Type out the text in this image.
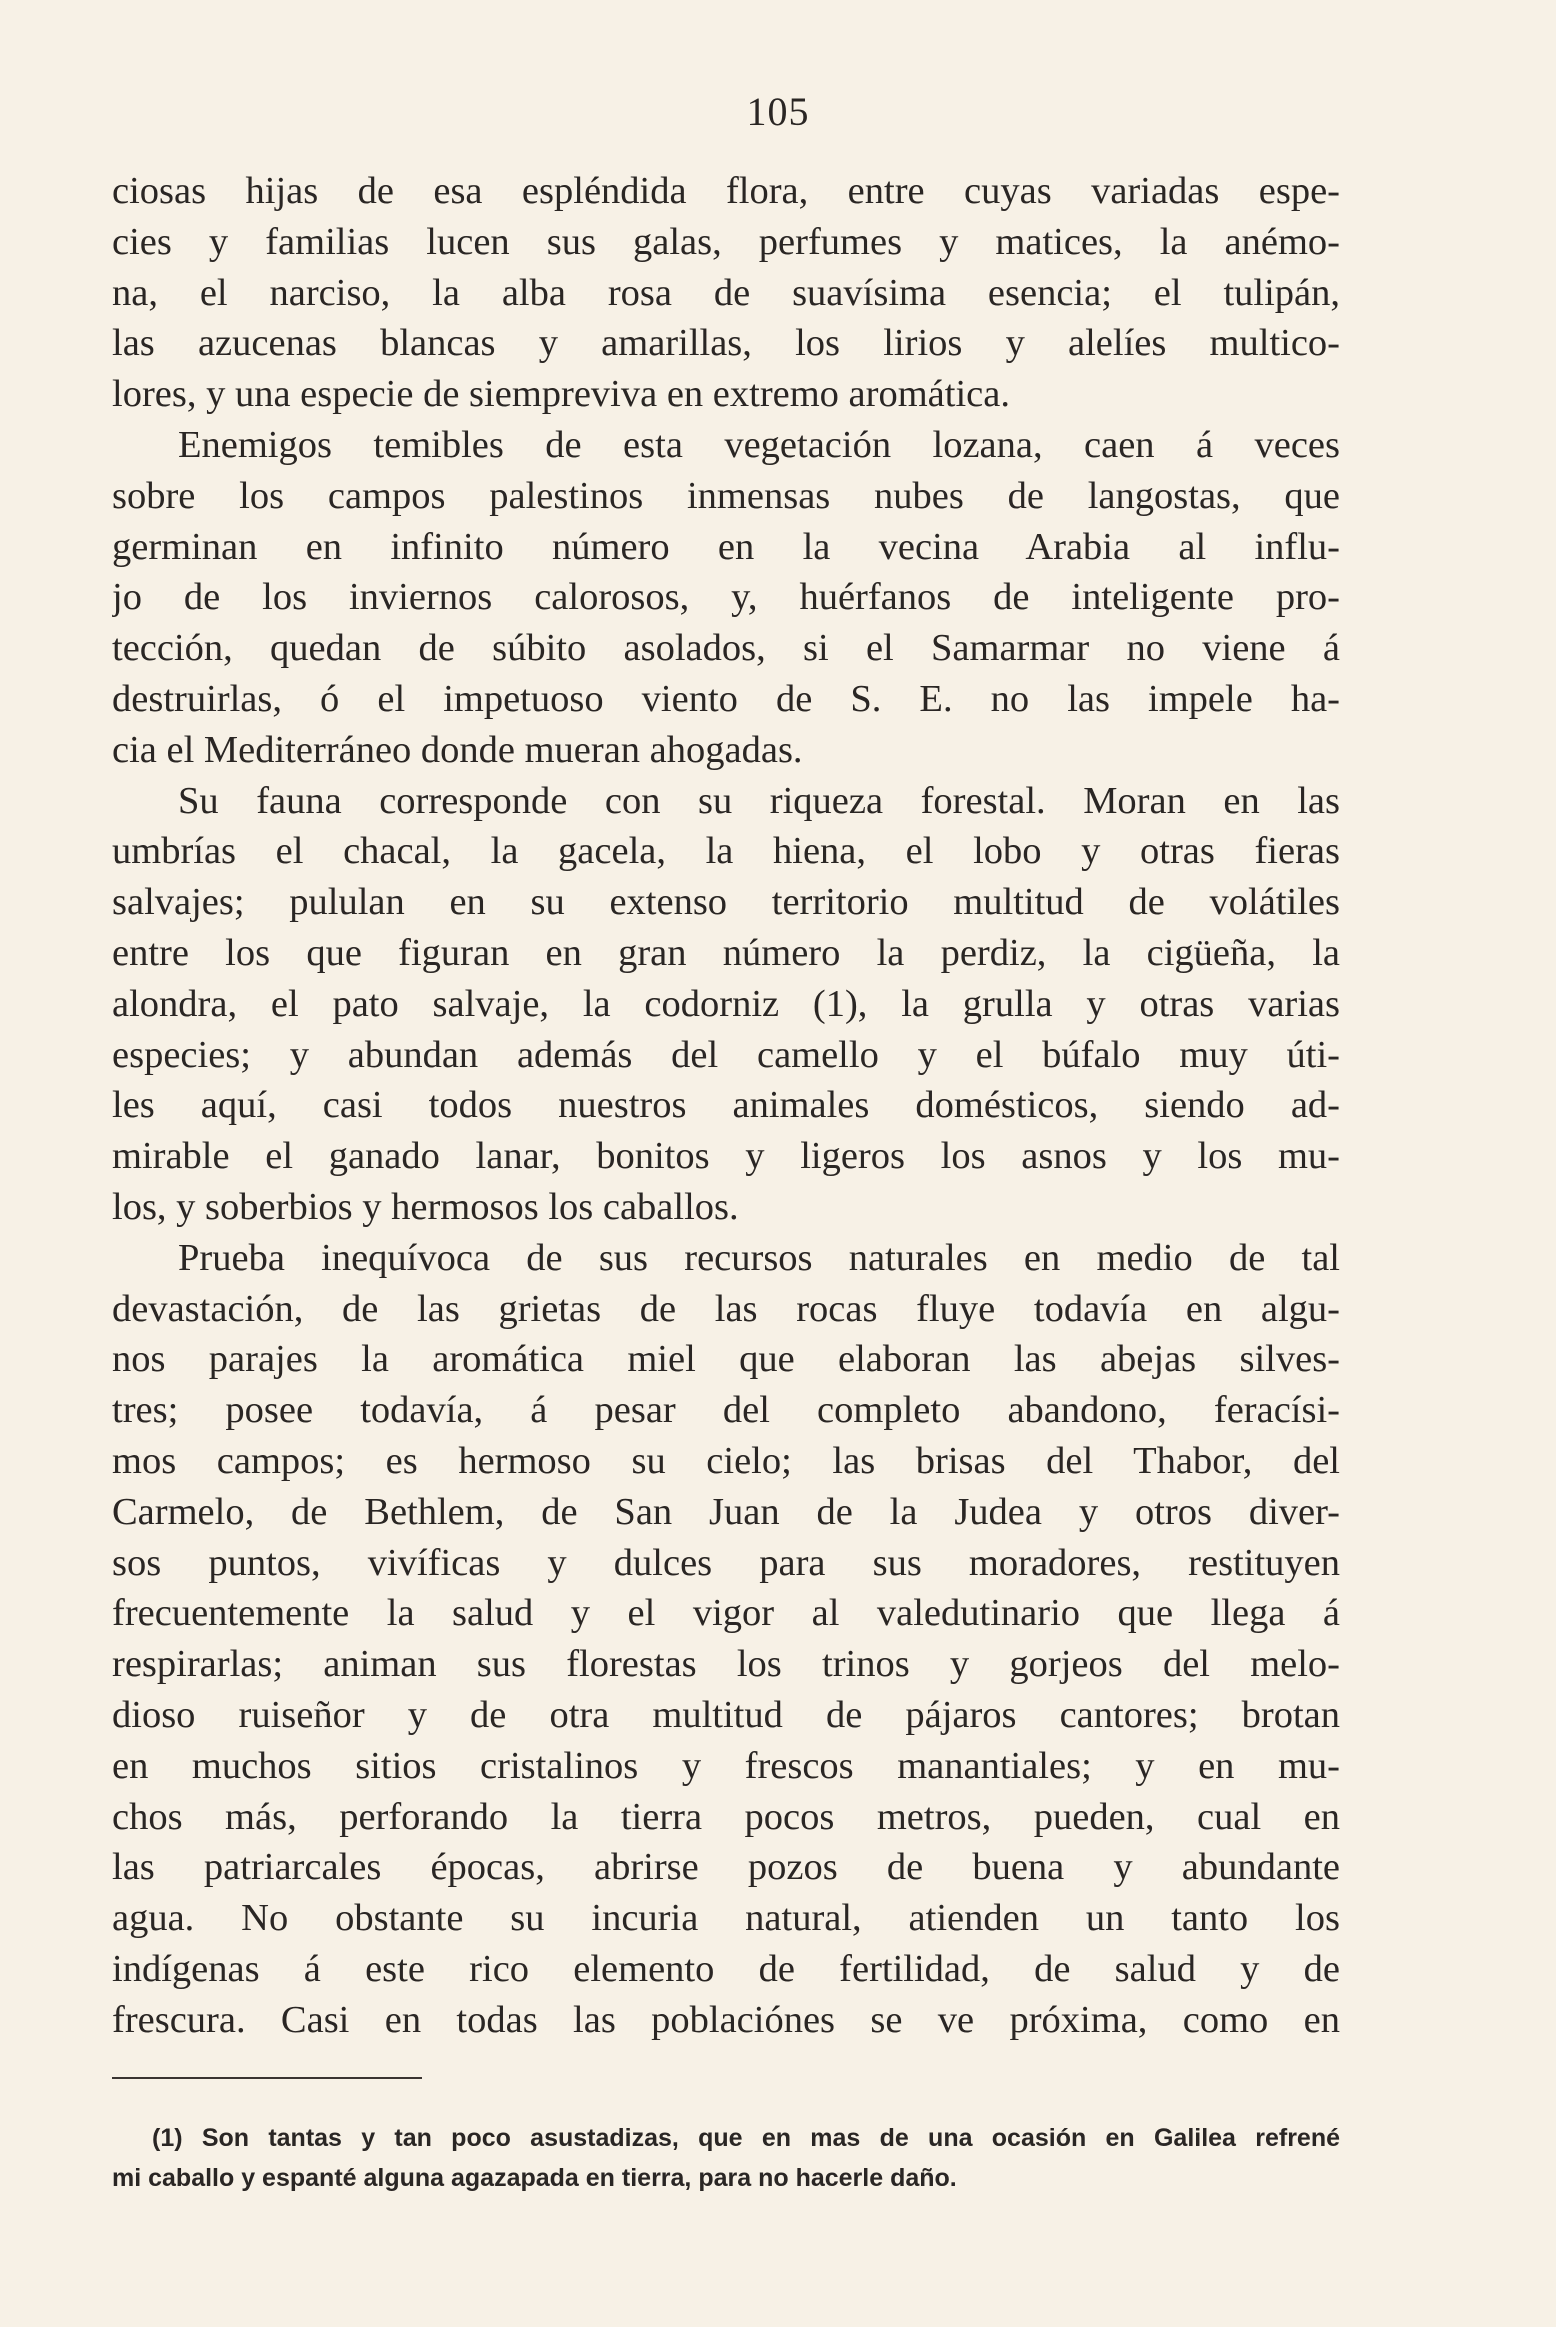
105
ciosas hijas de esa espléndida flora, entre cuyas variadas espe-
cies y familias lucen sus galas, perfumes y matices, la anémo-
na, el narciso, la alba rosa de suavísima esencia; el tulipán,
las azucenas blancas y amarillas, los lirios y alelíes multico-
lores, y una especie de siempreviva en extremo aromática.
Enemigos temibles de esta vegetación lozana, caen á veces
sobre los campos palestinos inmensas nubes de langostas, que
germinan en infinito número en la vecina Arabia al influ-
jo de los inviernos calorosos, y, huérfanos de inteligente pro-
tección, quedan de súbito asolados, si el Samarmar no viene á
destruirlas, ó el impetuoso viento de S. E. no las impele ha-
cia el Mediterráneo donde mueran ahogadas.
Su fauna corresponde con su riqueza forestal. Moran en las
umbrías el chacal, la gacela, la hiena, el lobo y otras fieras
salvajes; pululan en su extenso territorio multitud de volátiles
entre los que figuran en gran número la perdiz, la cigüeña, la
alondra, el pato salvaje, la codorniz (1), la grulla y otras varias
especies; y abundan además del camello y el búfalo muy úti-
les aquí, casi todos nuestros animales domésticos, siendo ad-
mirable el ganado lanar, bonitos y ligeros los asnos y los mu-
los, y soberbios y hermosos los caballos.
Prueba inequívoca de sus recursos naturales en medio de tal
devastación, de las grietas de las rocas fluye todavía en algu-
nos parajes la aromática miel que elaboran las abejas silves-
tres; posee todavía, á pesar del completo abandono, feracísi-
mos campos; es hermoso su cielo; las brisas del Thabor, del
Carmelo, de Bethlem, de San Juan de la Judea y otros diver-
sos puntos, vivíficas y dulces para sus moradores, restituyen
frecuentemente la salud y el vigor al valedutinario que llega á
respirarlas; animan sus florestas los trinos y gorjeos del melo-
dioso ruiseñor y de otra multitud de pájaros cantores; brotan
en muchos sitios cristalinos y frescos manantiales; y en mu-
chos más, perforando la tierra pocos metros, pueden, cual en
las patriarcales épocas, abrirse pozos de buena y abundante
agua. No obstante su incuria natural, atienden un tanto los
indígenas á este rico elemento de fertilidad, de salud y de
frescura. Casi en todas las poblaciónes se ve próxima, como en
(1) Son tantas y tan poco asustadizas, que en mas de una ocasión en Galilea refrené
mi caballo y espanté alguna agazapada en tierra, para no hacerle daño.
